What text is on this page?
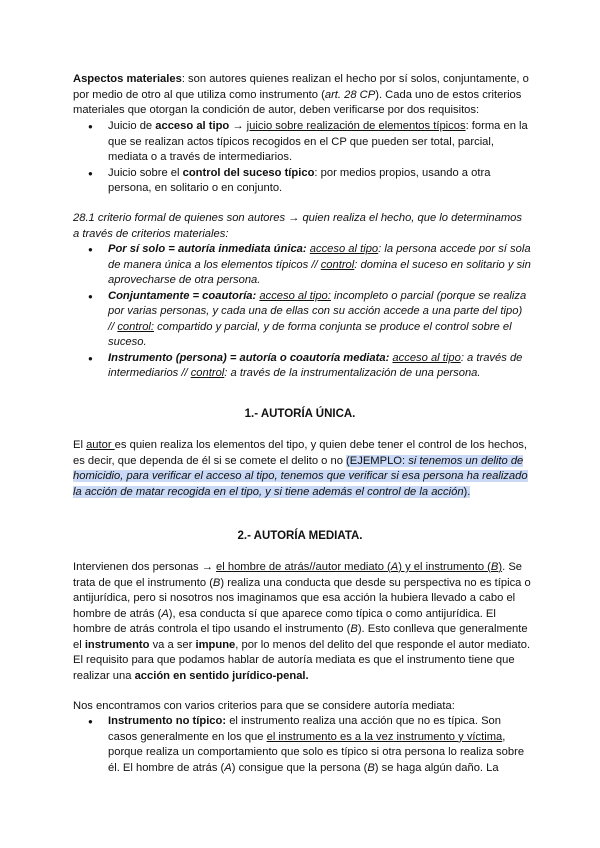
Aspectos materiales: son autores quienes realizan el hecho por sí solos, conjuntamente, o por medio de otro al que utiliza como instrumento (art. 28 CP). Cada uno de estos criterios materiales que otorgan la condición de autor, deben verificarse por dos requisitos:

● Juicio de acceso al tipo → juicio sobre realización de elementos típicos: forma en la que se realizan actos típicos recogidos en el CP que pueden ser total, parcial, mediata o a través de intermediarios.
● Juicio sobre el control del suceso típico: por medios propios, usando a otra persona, en solitario o en conjunto.

28.1 criterio formal de quienes son autores → quien realiza el hecho, que lo determinamos a través de criterios materiales:

● Por sí solo = autoría inmediata única: acceso al tipo: la persona accede por sí sola de manera única a los elementos típicos // control: domina el suceso en solitario y sin aprovecharse de otra persona.
● Conjuntamente = coautoría: acceso al tipo: incompleto o parcial (porque se realiza por varias personas, y cada una de ellas con su acción accede a una parte del tipo) // control: compartido y parcial, y de forma conjunta se produce el control sobre el suceso.
● Instrumento (persona) = autoría o coautoría mediata: acceso al tipo: a través de intermediarios // control: a través de la instrumentalización de una persona.
1.- AUTORÍA ÚNICA.

El autor es quien realiza los elementos del tipo, y quien debe tener el control de los hechos, es decir, que dependa de él si se comete el delito o no (EJEMPLO: si tenemos un delito de homicidio, para verificar el acceso al tipo, tenemos que verificar si esa persona ha realizado la acción de matar recogida en el tipo, y si tiene además el control de la acción).

2.- AUTORÍA MEDIATA.

Intervienen dos personas → el hombre de atrás//autor mediato (A) y el instrumento (B). Se trata de que el instrumento (B) realiza una conducta que desde su perspectiva no es típica o antijurídica, pero si nosotros nos imaginamos que esa acción la hubiera llevado a cabo el hombre de atrás (A), esa conducta sí que aparece como típica o como antijurídica. El hombre de atrás controla el tipo usando el instrumento (B). Esto conlleva que generalmente el instrumento va a ser impune, por lo menos del delito del que responde el autor mediato. El requisito para que podamos hablar de autoría mediata es que el instrumento tiene que realizar una acción en sentido jurídico-penal.

Nos encontramos con varios criterios para que se considere autoría mediata:

● Instrumento no típico: el instrumento realiza una acción que no es típica. Son casos generalmente en los que el instrumento es a la vez instrumento y víctima, porque realiza un comportamiento que solo es típico si otra persona lo realiza sobre él. El hombre de atrás (A) consigue que la persona (B) se haga algún daño. La
